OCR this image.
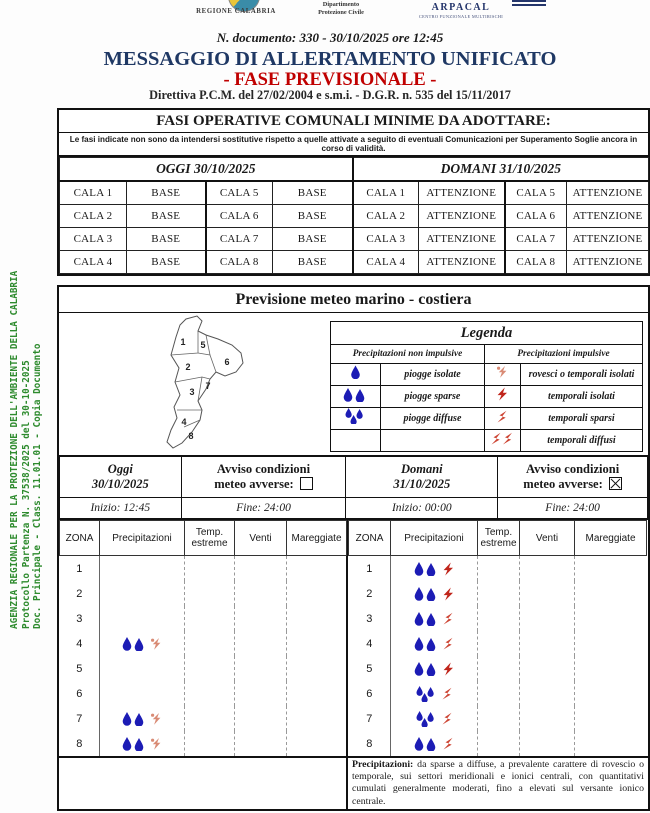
AGENZIA REGIONALE PER LA PROTEZIONE DELL'AMBIENTE DELLA CALABRIA Protocollo Partenza N. 37538/2025 del 30-10-2025 Doc. Principale - Class. 11.01.01 - Copia Documento
REGIONE CALABRIA
Dipartimento
Protezione Civile	ARPACAL
CENTRO FUNZIONALE MULTIRISCHI
N. documento: 330 - 30/10/2025 ore 12:45
MESSAGGIO DI ALLERTAMENTO UNIFICATO
- FASE PREVISIONALE -
Direttiva P.C.M. del 27/02/2004 e s.m.i. - D.G.R. n. 535 del 15/11/2017
FASI OPERATIVE COMUNALI MINIME DA ADOTTARE:
Le fasi indicate non sono da intendersi sostitutive rispetto a quelle attivate a seguito di eventuali Comunicazioni per Superamento Soglie ancora in corso di validità.
OGGI 30/10/2025				DOMANI 31/10/2025			
CALA 1	BASE	CALA 5	BASE	CALA 1	ATTENZIONE	CALA 5	ATTENZIONE
CALA 2	BASE	CALA 6	BASE	CALA 2	ATTENZIONE	CALA 6	ATTENZIONE
CALA 3	BASE	CALA 7	BASE	CALA 3	ATTENZIONE	CALA 7	ATTENZIONE
CALA 4	BASE	CALA 8	BASE	CALA 4	ATTENZIONE	CALA 8	ATTENZIONE
Previsione meteo marino - costiera
1
2
3
4
5
6
7
8
Legenda			
Precipitazioni non impulsive		Precipitazioni impulsive	
	piogge isolate		rovesci o temporali isolati
	piogge sparse		temporali isolati
	piogge diffuse		temporali sparsi
			temporali diffusi
Oggi
30/10/2025	Avviso condizioni
meteo avverse:	Domani
31/10/2025	Avviso condizioni
meteo avverse:
Inizio: 12:45	Fine: 24:00	Inizio: 00:00	Fine: 24:00
ZONA	Precipitazioni	Temp. estreme	Venti	Mareggiate
1				
2				
3				
4				
5				
6				
7				
8				
ZONA	Precipitazioni	Temp. estreme	Venti	Mareggiate
1				
2				
3				
4				
5				
6				
7				
8				
Precipitazioni: da sparse a diffuse, a prevalente carattere di rovescio o temporale, sui settori meridionali e ionici centrali, con quantitativi cumulati generalmente moderati, fino a elevati sul versante ionico centrale.
